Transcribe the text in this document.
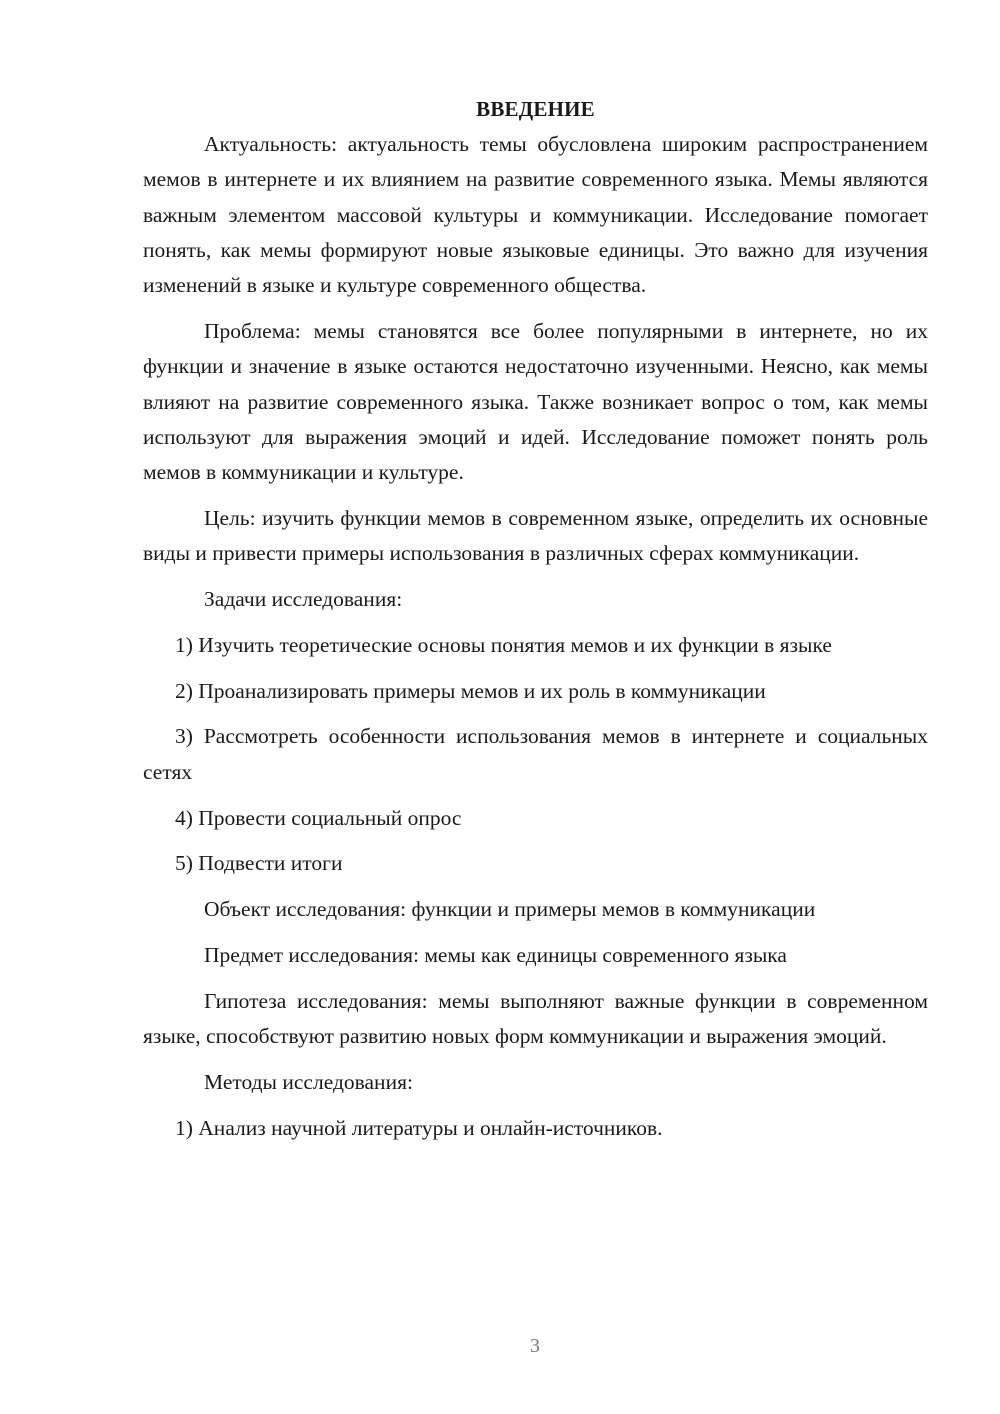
ВВЕДЕНИЕ

Актуальность: актуальность темы обусловлена широким распространением мемов в интернете и их влиянием на развитие современного языка. Мемы являются важным элементом массовой культуры и коммуникации. Исследование помогает понять, как мемы формируют новые языковые единицы. Это важно для изучения изменений в языке и культуре современного общества.

Проблема: мемы становятся все более популярными в интернете, но их функции и значение в языке остаются недостаточно изученными. Неясно, как мемы влияют на развитие современного языка. Также возникает вопрос о том, как мемы используют для выражения эмоций и идей. Исследование поможет понять роль мемов в коммуникации и культуре.

Цель: изучить функции мемов в современном языке, определить их основные виды и привести примеры использования в различных сферах коммуникации.

Задачи исследования:

1) Изучить теоретические основы понятия мемов и их функции в языке

2) Проанализировать примеры мемов и их роль в коммуникации

3) Рассмотреть особенности использования мемов в интернете и социальных сетях

4) Провести социальный опрос

5) Подвести итоги

Объект исследования: функции и примеры мемов в коммуникации

Предмет исследования: мемы как единицы современного языка

Гипотеза исследования: мемы выполняют важные функции в современном языке, способствуют развитию новых форм коммуникации и выражения эмоций.

Методы исследования:

1) Анализ научной литературы и онлайн-источников.

3
